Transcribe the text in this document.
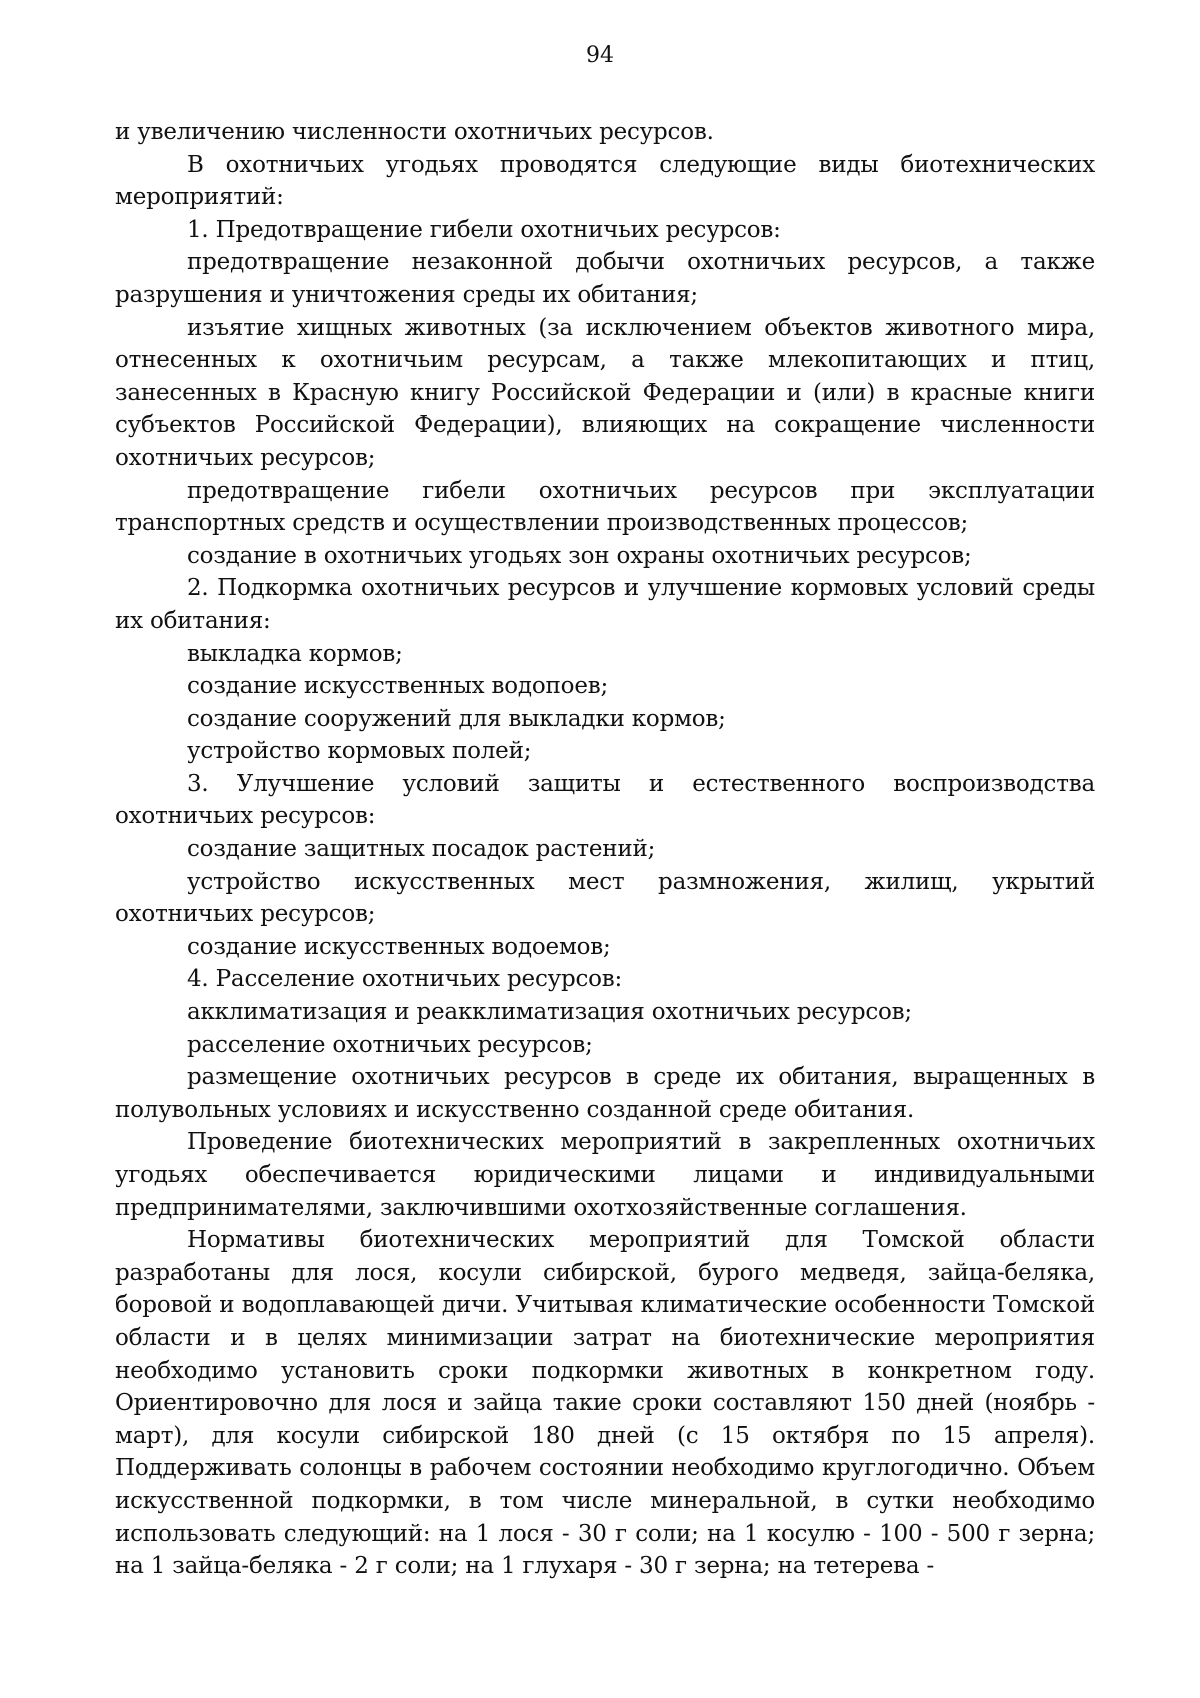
94

и увеличению численности охотничьих ресурсов.

В охотничьих угодьях проводятся следующие виды биотехнических мероприятий:

1. Предотвращение гибели охотничьих ресурсов:

предотвращение незаконной добычи охотничьих ресурсов, а также разрушения и уничтожения среды их обитания;

изъятие хищных животных (за исключением объектов животного мира, отнесенных к охотничьим ресурсам, а также млекопитающих и птиц, занесенных в Красную книгу Российской Федерации и (или) в красные книги субъектов Российской Федерации), влияющих на сокращение численности охотничьих ресурсов;

предотвращение гибели охотничьих ресурсов при эксплуатации транспортных средств и осуществлении производственных процессов;

создание в охотничьих угодьях зон охраны охотничьих ресурсов;

2. Подкормка охотничьих ресурсов и улучшение кормовых условий среды их обитания:

выкладка кормов;

создание искусственных водопоев;

создание сооружений для выкладки кормов;

устройство кормовых полей;

3. Улучшение условий защиты и естественного воспроизводства охотничьих ресурсов:

создание защитных посадок растений;

устройство искусственных мест размножения, жилищ, укрытий охотничьих ресурсов;

создание искусственных водоемов;

4. Расселение охотничьих ресурсов:

акклиматизация и реакклиматизация охотничьих ресурсов;

расселение охотничьих ресурсов;

размещение охотничьих ресурсов в среде их обитания, выращенных в полувольных условиях и искусственно созданной среде обитания.

Проведение биотехнических мероприятий в закрепленных охотничьих угодьях обеспечивается юридическими лицами и индивидуальными предпринимателями, заключившими охотхозяйственные соглашения.

Нормативы биотехнических мероприятий для Томской области разработаны для лося, косули сибирской, бурого медведя, зайца-беляка, боровой и водоплавающей дичи. Учитывая климатические особенности Томской области и в целях минимизации затрат на биотехнические мероприятия необходимо установить сроки подкормки животных в конкретном году. Ориентировочно для лося и зайца такие сроки составляют 150 дней (ноябрь - март), для косули сибирской 180 дней (с 15 октября по 15 апреля). Поддерживать солонцы в рабочем состоянии необходимо круглогодично. Объем искусственной подкормки, в том числе минеральной, в сутки необходимо использовать следующий: на 1 лося - 30 г соли; на 1 косулю - 100 - 500 г зерна; на 1 зайца-беляка - 2 г соли; на 1 глухаря - 30 г зерна; на тетерева -
